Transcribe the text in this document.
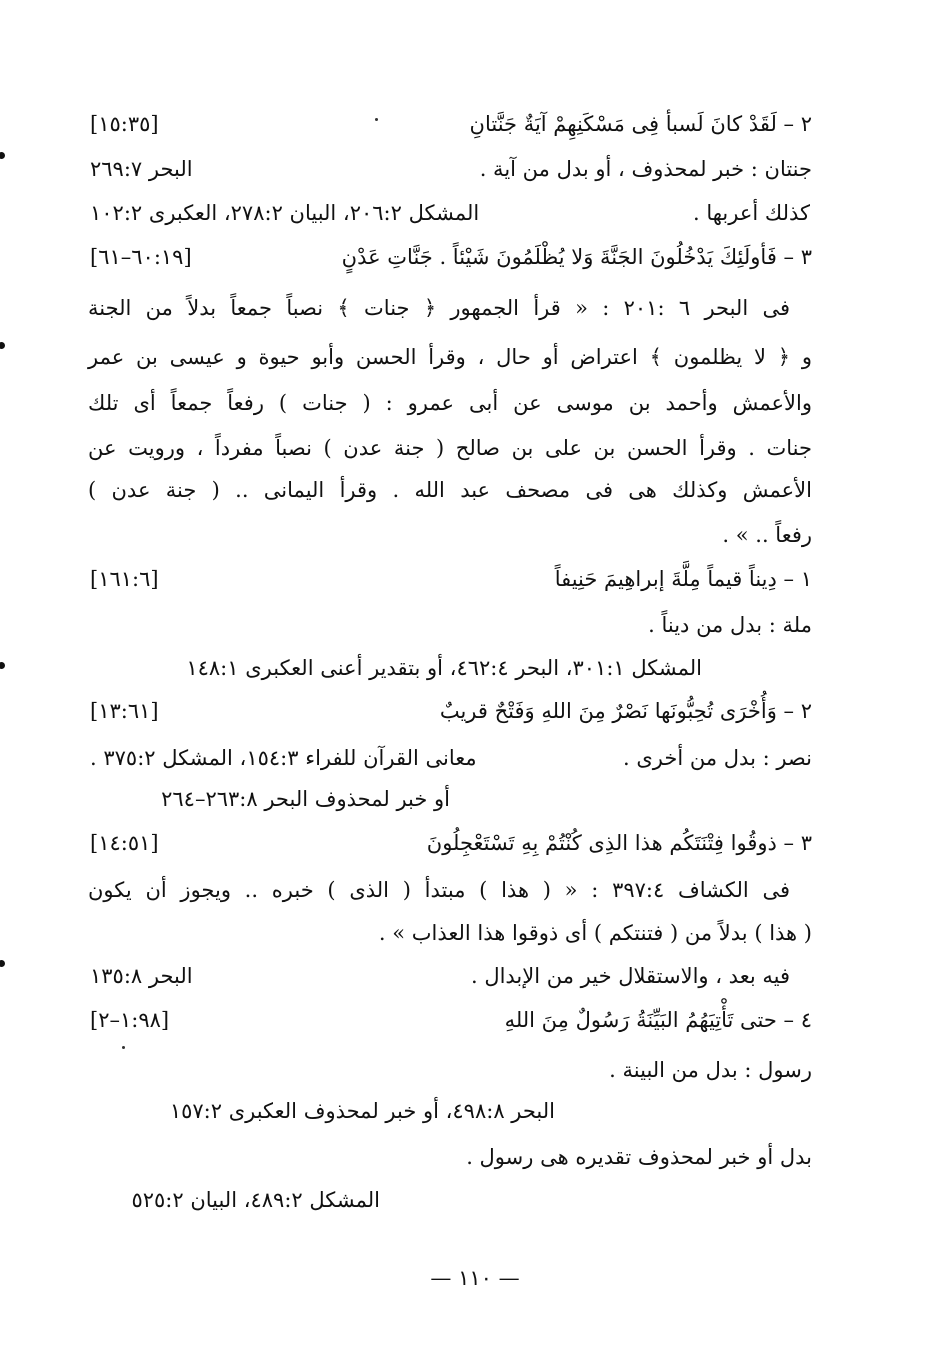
٢ – لَقَدْ كانَ لَسبأ فِى مَسْكَنِهِمْ آيَةٌ جَنَّتانِ
[١٥:٣٥]
جنتان : خبر لمحذوف ، أو بدل من آية .
البحر ٢٦٩:٧
كذلك أعربها .
المشكل ٢٠٦:٢، البيان ٢٧٨:٢، العكبرى ١٠٢:٢
٣ – فَأولَئِكَ يَدْخُلُونَ الجَنَّةَ وَلا يُظْلَمُونَ شَيْئاً . جَنَّاتِ عَدْنٍ
[٦٠:١٩–٦١]
فى البحر ٦ :٢٠١ : « قرأ الجمهور ﴿ جنات ﴾ نصباً جمعاً بدلاً من الجنة
و ﴿ لا يظلمون ﴾ اعتراض أو حال ، وقرأ الحسن وأبو حيوة و عيسى بن عمر
والأعمش وأحمد بن موسى عن أبى عمرو : ( جنات ) رفعاً جمعاً أى تلك
جنات . وقرأ الحسن بن على بن صالح ( جنة عدن ) نصباً مفرداً ، ورويت عن
الأعمش وكذلك هى فى مصحف عبد الله . وقرأ اليمانى .. ( جنة عدن )
رفعاً .. » .
١ – دِيناً قيماً مِلَّةَ إبراهِيمَ حَنِيفاً
[١٦١:٦]
ملة : بدل من ديناً .
المشكل ٣٠١:١، البحر ٤٦٢:٤، أو بتقدير أعنى العكبرى ١٤٨:١
٢ – وَأُخْرَى تُحِبُّونَها نَصْرٌ مِنَ اللهِ وَفَتْحٌ قريبٌ
[١٣:٦١]
نصر : بدل من أخرى .
معانى القرآن للفراء ١٥٤:٣، المشكل ٣٧٥:٢ .
أو خبر لمحذوف البحر ٢٦٣:٨–٢٦٤
٣ – ذوقُوا فِتْنَتَكُم هذا الذِى كُنْتُمْ بِهِ تَسْتَعْجِلُونَ
[١٤:٥١]
فى الكشاف ٣٩٧:٤ : « ( هذا ) مبتدأ ( الذى ) خبره .. ويجوز أن يكون
( هذا ) بدلاً من ( فتنتكم ) أى ذوقوا هذا العذاب » .
فيه بعد ، والاستقلال خير من الإبدال .
البحر ١٣٥:٨
٤ – حتى تَأْتِيَهُمُ البَيِّنَةُ رَسُولٌ مِنَ اللهِ
[١:٩٨–٢]
رسول : بدل من البينة .
البحر ٤٩٨:٨، أو خبر لمحذوف العكبرى ١٥٧:٢
بدل أو خبر لمحذوف تقديره هى رسول .
المشكل ٤٨٩:٢، البيان ٥٢٥:٢
— ١١٠ —
